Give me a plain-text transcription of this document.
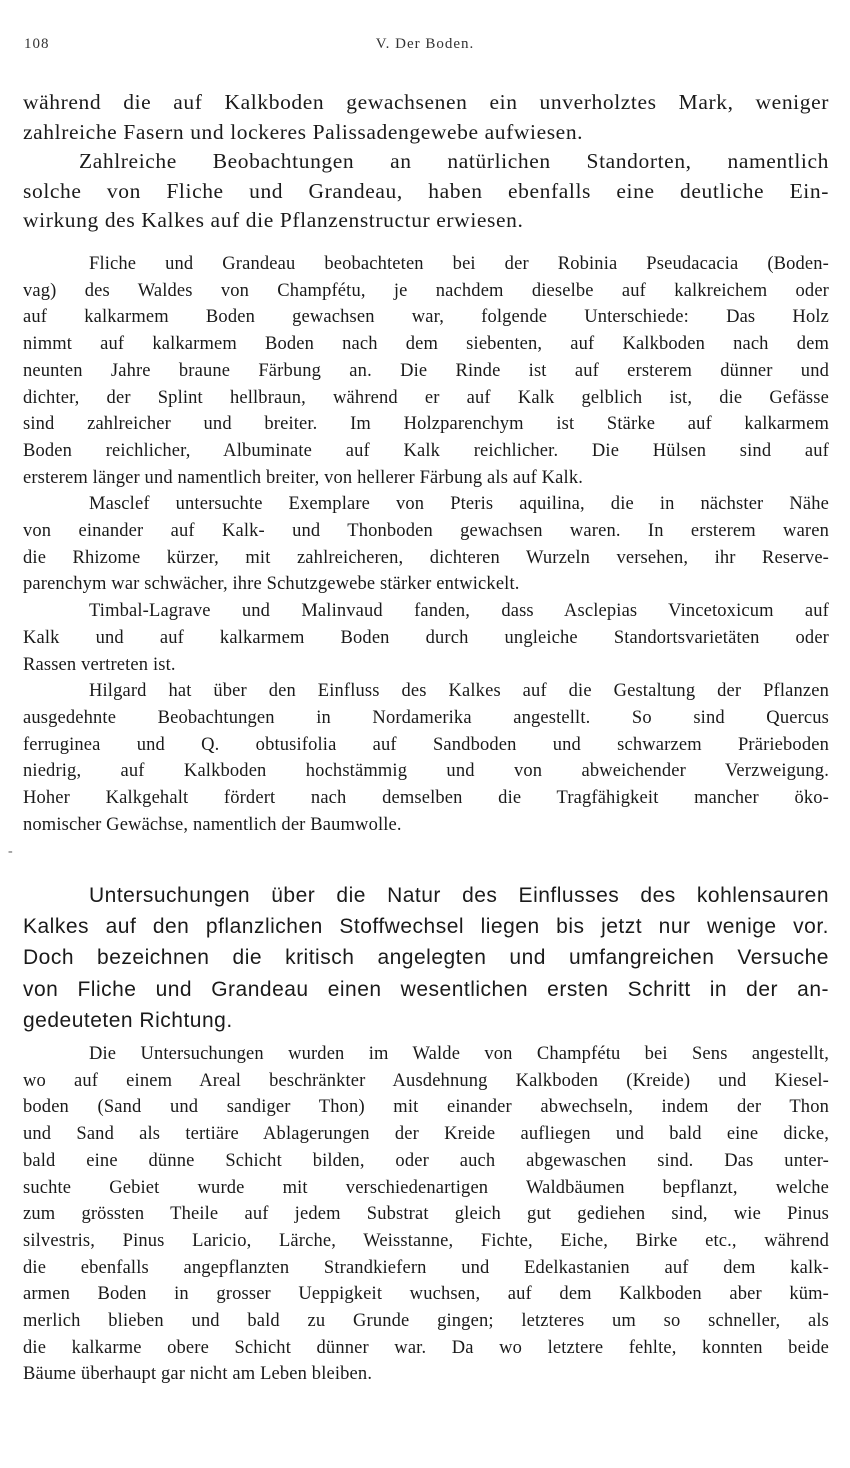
108	V. Der Boden.
-
während die auf Kalkboden gewachsenen ein unverholztes Mark, weniger
zahlreiche Fasern und lockeres Palissadengewebe aufwiesen.
Zahlreiche Beobachtungen an natürlichen Standorten, namentlich
solche von Fliche und Grandeau, haben ebenfalls eine deutliche Ein-
wirkung des Kalkes auf die Pflanzenstructur erwiesen.
Fliche und Grandeau beobachteten bei der Robinia Pseudacacia (Boden-
vag) des Waldes von Champfétu, je nachdem dieselbe auf kalkreichem oder
auf kalkarmem Boden gewachsen war, folgende Unterschiede: Das Holz
nimmt auf kalkarmem Boden nach dem siebenten, auf Kalkboden nach dem
neunten Jahre braune Färbung an. Die Rinde ist auf ersterem dünner und
dichter, der Splint hellbraun, während er auf Kalk gelblich ist, die Gefässe
sind zahlreicher und breiter. Im Holzparenchym ist Stärke auf kalkarmem
Boden reichlicher, Albuminate auf Kalk reichlicher. Die Hülsen sind auf
ersterem länger und namentlich breiter, von hellerer Färbung als auf Kalk.
Masclef untersuchte Exemplare von Pteris aquilina, die in nächster Nähe
von einander auf Kalk- und Thonboden gewachsen waren. In ersterem waren
die Rhizome kürzer, mit zahlreicheren, dichteren Wurzeln versehen, ihr Reserve-
parenchym war schwächer, ihre Schutzgewebe stärker entwickelt.
Timbal-Lagrave und Malinvaud fanden, dass Asclepias Vincetoxicum auf
Kalk und auf kalkarmem Boden durch ungleiche Standortsvarietäten oder
Rassen vertreten ist.
Hilgard hat über den Einfluss des Kalkes auf die Gestaltung der Pflanzen
ausgedehnte Beobachtungen in Nordamerika angestellt. So sind Quercus
ferruginea und Q. obtusifolia auf Sandboden und schwarzem Prärieboden
niedrig, auf Kalkboden hochstämmig und von abweichender Verzweigung.
Hoher Kalkgehalt fördert nach demselben die Tragfähigkeit mancher öko-
nomischer Gewächse, namentlich der Baumwolle.
Untersuchungen über die Natur des Einflusses des kohlensauren
Kalkes auf den pflanzlichen Stoffwechsel liegen bis jetzt nur wenige vor.
Doch bezeichnen die kritisch angelegten und umfangreichen Versuche
von Fliche und Grandeau einen wesentlichen ersten Schritt in der an-
gedeuteten Richtung.
Die Untersuchungen wurden im Walde von Champfétu bei Sens angestellt,
wo auf einem Areal beschränkter Ausdehnung Kalkboden (Kreide) und Kiesel-
boden (Sand und sandiger Thon) mit einander abwechseln, indem der Thon
und Sand als tertiäre Ablagerungen der Kreide aufliegen und bald eine dicke,
bald eine dünne Schicht bilden, oder auch abgewaschen sind. Das unter-
suchte Gebiet wurde mit verschiedenartigen Waldbäumen bepflanzt, welche
zum grössten Theile auf jedem Substrat gleich gut gediehen sind, wie Pinus
silvestris, Pinus Laricio, Lärche, Weisstanne, Fichte, Eiche, Birke etc., während
die ebenfalls angepflanzten Strandkiefern und Edelkastanien auf dem kalk-
armen Boden in grosser Ueppigkeit wuchsen, auf dem Kalkboden aber küm-
merlich blieben und bald zu Grunde gingen; letzteres um so schneller, als
die kalkarme obere Schicht dünner war. Da wo letztere fehlte, konnten beide
Bäume überhaupt gar nicht am Leben bleiben.
